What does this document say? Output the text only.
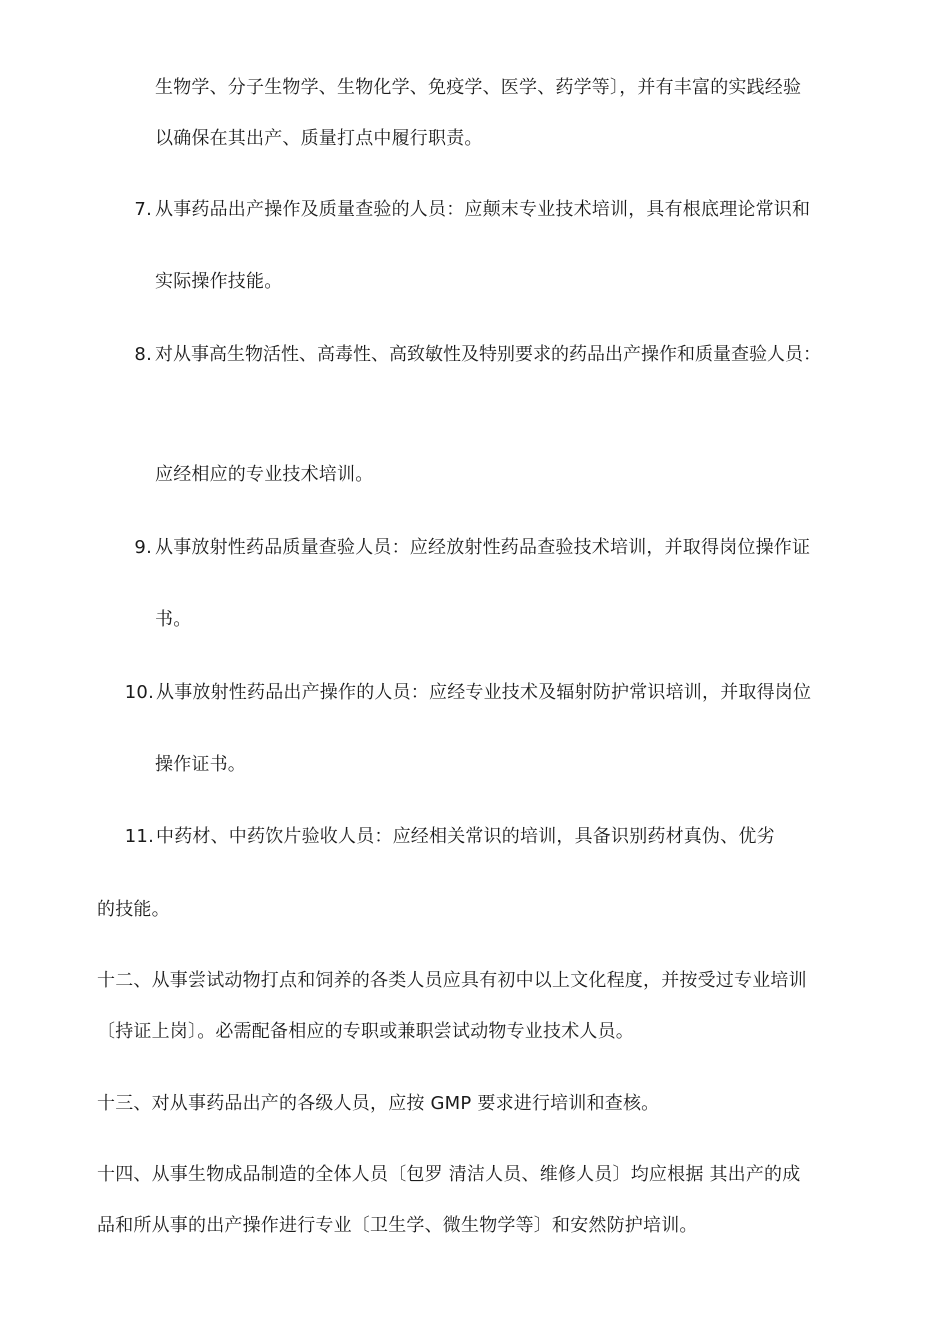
生物学、分子生物学、生物化学、免疫学、医学、药学等〕，并有丰富的实践经验
以确保在其出产、质量打点中履行职责。
7. 从事药品出产操作及质量查验的人员：应颠末专业技术培训，具有根底理论常识和
实际操作技能。
8. 对从事高生物活性、高毒性、高致敏性及特别要求的药品出产操作和质量查验人员：
应经相应的专业技术培训。
9. 从事放射性药品质量查验人员：应经放射性药品查验技术培训，并取得岗位操作证
书。
10. 从事放射性药品出产操作的人员：应经专业技术及辐射防护常识培训，并取得岗位
操作证书。
11. 中药材、中药饮片验收人员：应经相关常识的培训，具备识别药材真伪、优劣
的技能。
十二、从事尝试动物打点和饲养的各类人员应具有初中以上文化程度，并按受过专业培训
〔持证上岗〕。必需配备相应的专职或兼职尝试动物专业技术人员。
十三、对从事药品出产的各级人员，应按 GMP 要求进行培训和查核。
十四、从事生物成品制造的全体人员〔包罗 清洁人员、维修人员〕均应根据 其出产的成
品和所从事的出产操作进行专业〔卫生学、微生物学等〕和安然防护培训。
